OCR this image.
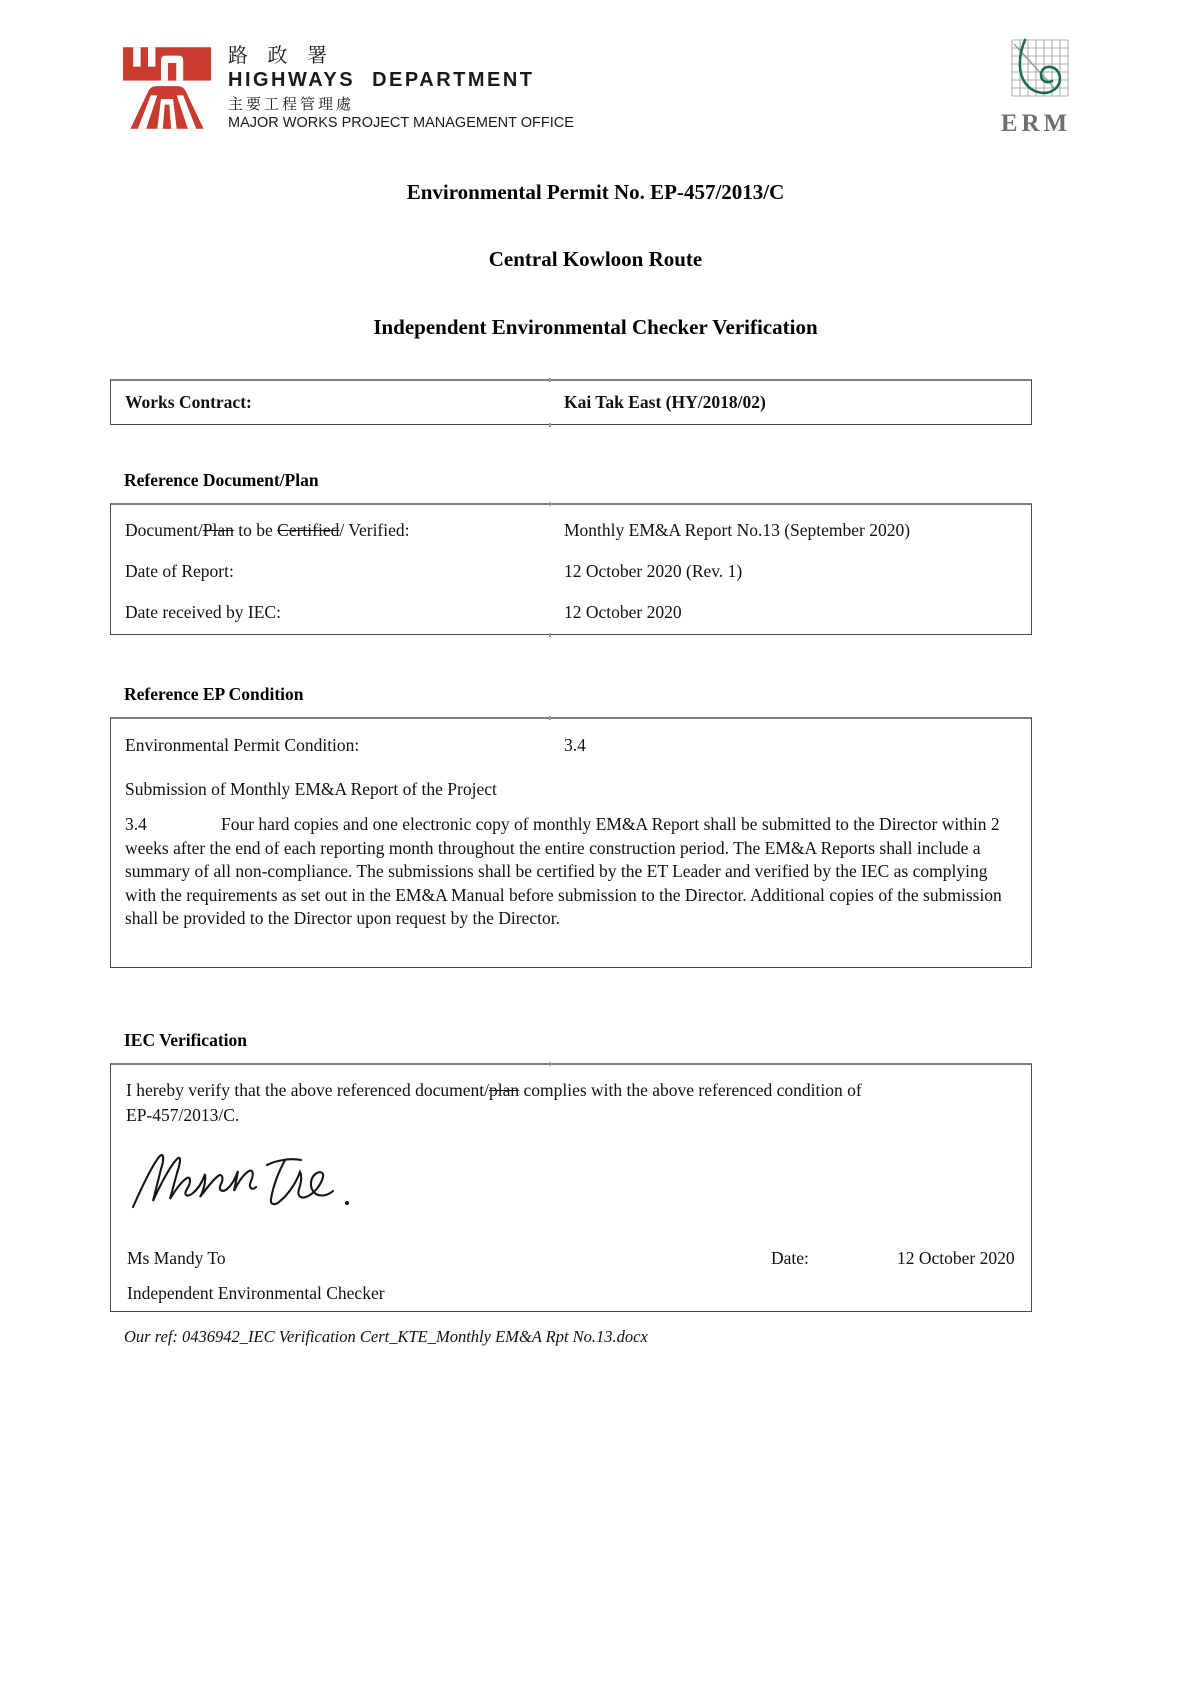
路 政 署
HIGHWAYS DEPARTMENT
主要工程管理處
MAJOR WORKS PROJECT MANAGEMENT OFFICE	ERM
Environmental Permit No. EP-457/2013/C
Central Kowloon Route
Independent Environmental Checker Verification
Works Contract:	Kai Tak East (HY/2018/02)
Reference Document/Plan
Document/Plan to be Certified/ Verified:	Monthly EM&A Report No.13 (September 2020)
Date of Report:	12 October 2020 (Rev. 1)
Date received by IEC:	12 October 2020
Reference EP Condition
Environmental Permit Condition:	3.4
Submission of Monthly EM&A Report of the Project
3.4	Four hard copies and one electronic copy of monthly EM&A Report shall be submitted to the Director within 2 weeks after the end of each reporting month throughout the entire construction period. The EM&A Reports shall include a summary of all non-compliance. The submissions shall be certified by the ET Leader and verified by the IEC as complying with the requirements as set out in the EM&A Manual before submission to the Director. Additional copies of the submission shall be provided to the Director upon request by the Director.
IEC Verification
I hereby verify that the above referenced document/plan complies with the above referenced condition of
EP-457/2013/C.
Ms Mandy To	Date:	12 October 2020
Independent Environmental Checker
Our ref: 0436942_IEC Verification Cert_KTE_Monthly EM&A Rpt No.13.docx
